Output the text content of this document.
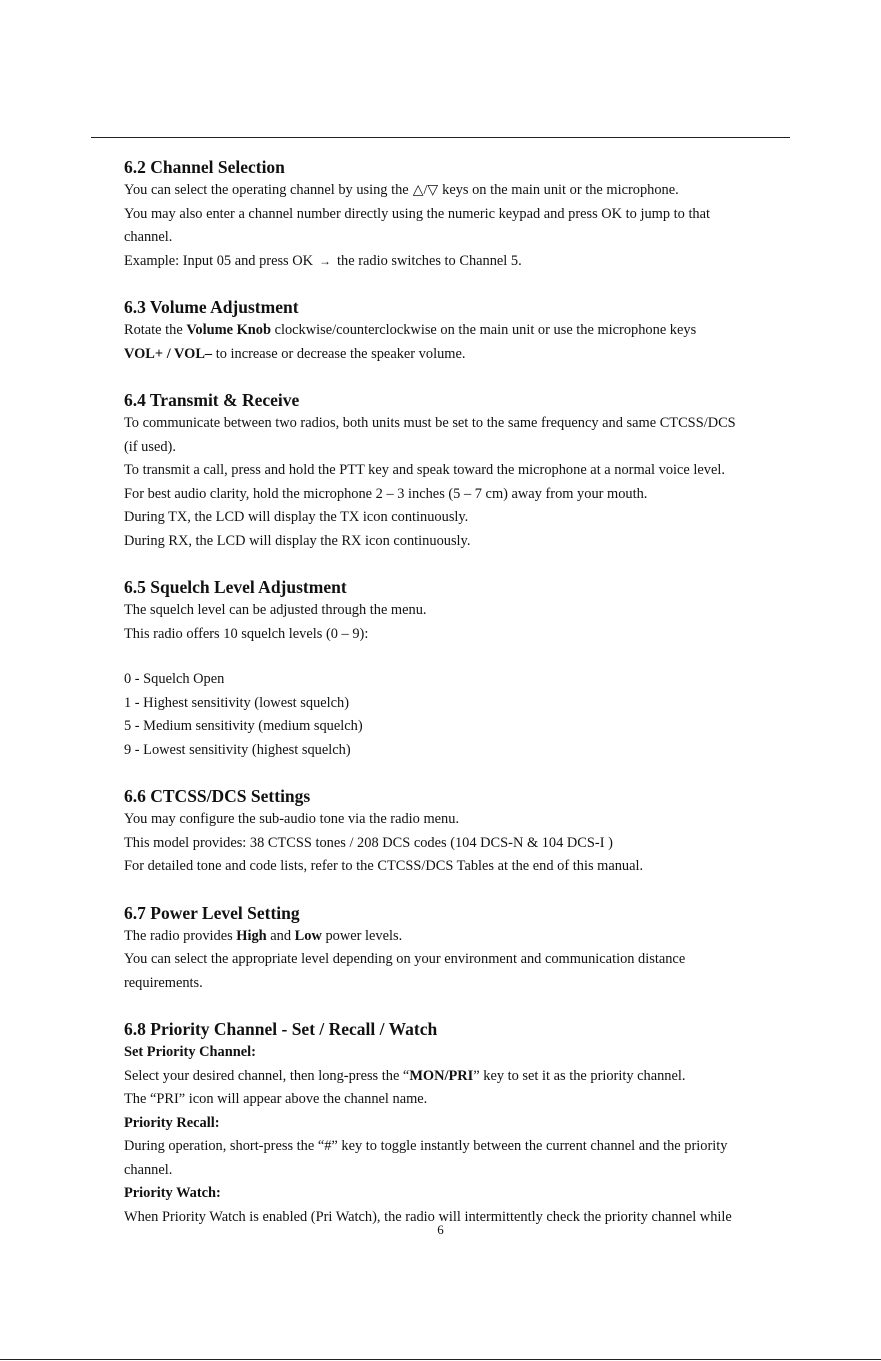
6.2 Channel Selection

You can select the operating channel by using the △/▽ keys on the main unit or the microphone.

You may also enter a channel number directly using the numeric keypad and press OK to jump to that

channel.

Example: Input 05 and press OK → the radio switches to Channel 5.

6.3 Volume Adjustment

Rotate the Volume Knob clockwise/counterclockwise on the main unit or use the microphone keys

VOL+ / VOL– to increase or decrease the speaker volume.

6.4 Transmit & Receive

To communicate between two radios, both units must be set to the same frequency and same CTCSS/DCS

(if used).

To transmit a call, press and hold the PTT key and speak toward the microphone at a normal voice level.

For best audio clarity, hold the microphone 2 – 3 inches (5 – 7 cm) away from your mouth.

During TX, the LCD will display the TX icon continuously.

During RX, the LCD will display the RX icon continuously.

6.5 Squelch Level Adjustment

The squelch level can be adjusted through the menu.

This radio offers 10 squelch levels (0 – 9):

0 - Squelch Open

1 - Highest sensitivity (lowest squelch)

5 - Medium sensitivity (medium squelch)

9 - Lowest sensitivity (highest squelch)

6.6 CTCSS/DCS Settings

You may configure the sub-audio tone via the radio menu.

This model provides: 38 CTCSS tones / 208 DCS codes (104 DCS-N & 104 DCS-I )

For detailed tone and code lists, refer to the CTCSS/DCS Tables at the end of this manual.

6.7 Power Level Setting

The radio provides High and Low power levels.

You can select the appropriate level depending on your environment and communication distance

requirements.

6.8 Priority Channel - Set / Recall / Watch

Set Priority Channel:

Select your desired channel, then long-press the “MON/PRI” key to set it as the priority channel.

The “PRI” icon will appear above the channel name.

Priority Recall:

During operation, short-press the “#” key to toggle instantly between the current channel and the priority

channel.

Priority Watch:

When Priority Watch is enabled (Pri Watch), the radio will intermittently check the priority channel while

6
